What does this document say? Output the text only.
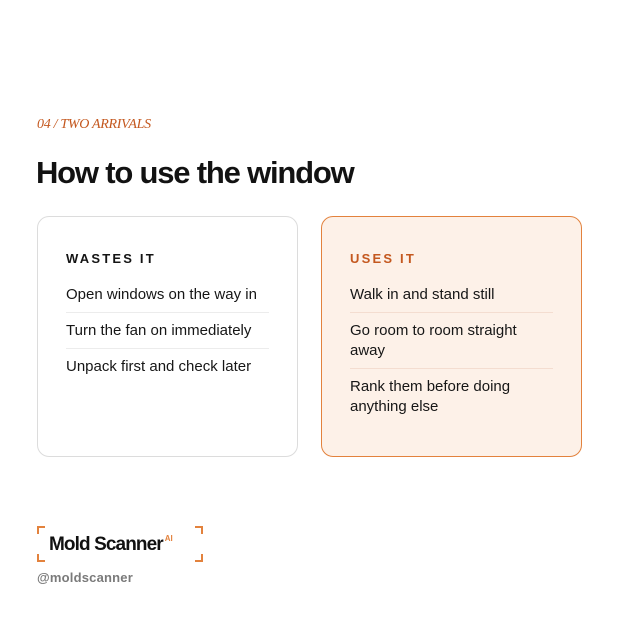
04 / TWO ARRIVALS
How to use the window
WASTES IT
Open windows on the way in
Turn the fan on immediately
Unpack first and check later
USES IT
Walk in and stand still
Go room to room straight away
Rank them before doing anything else
Mold Scanner $^{AI}$
@moldscanner
